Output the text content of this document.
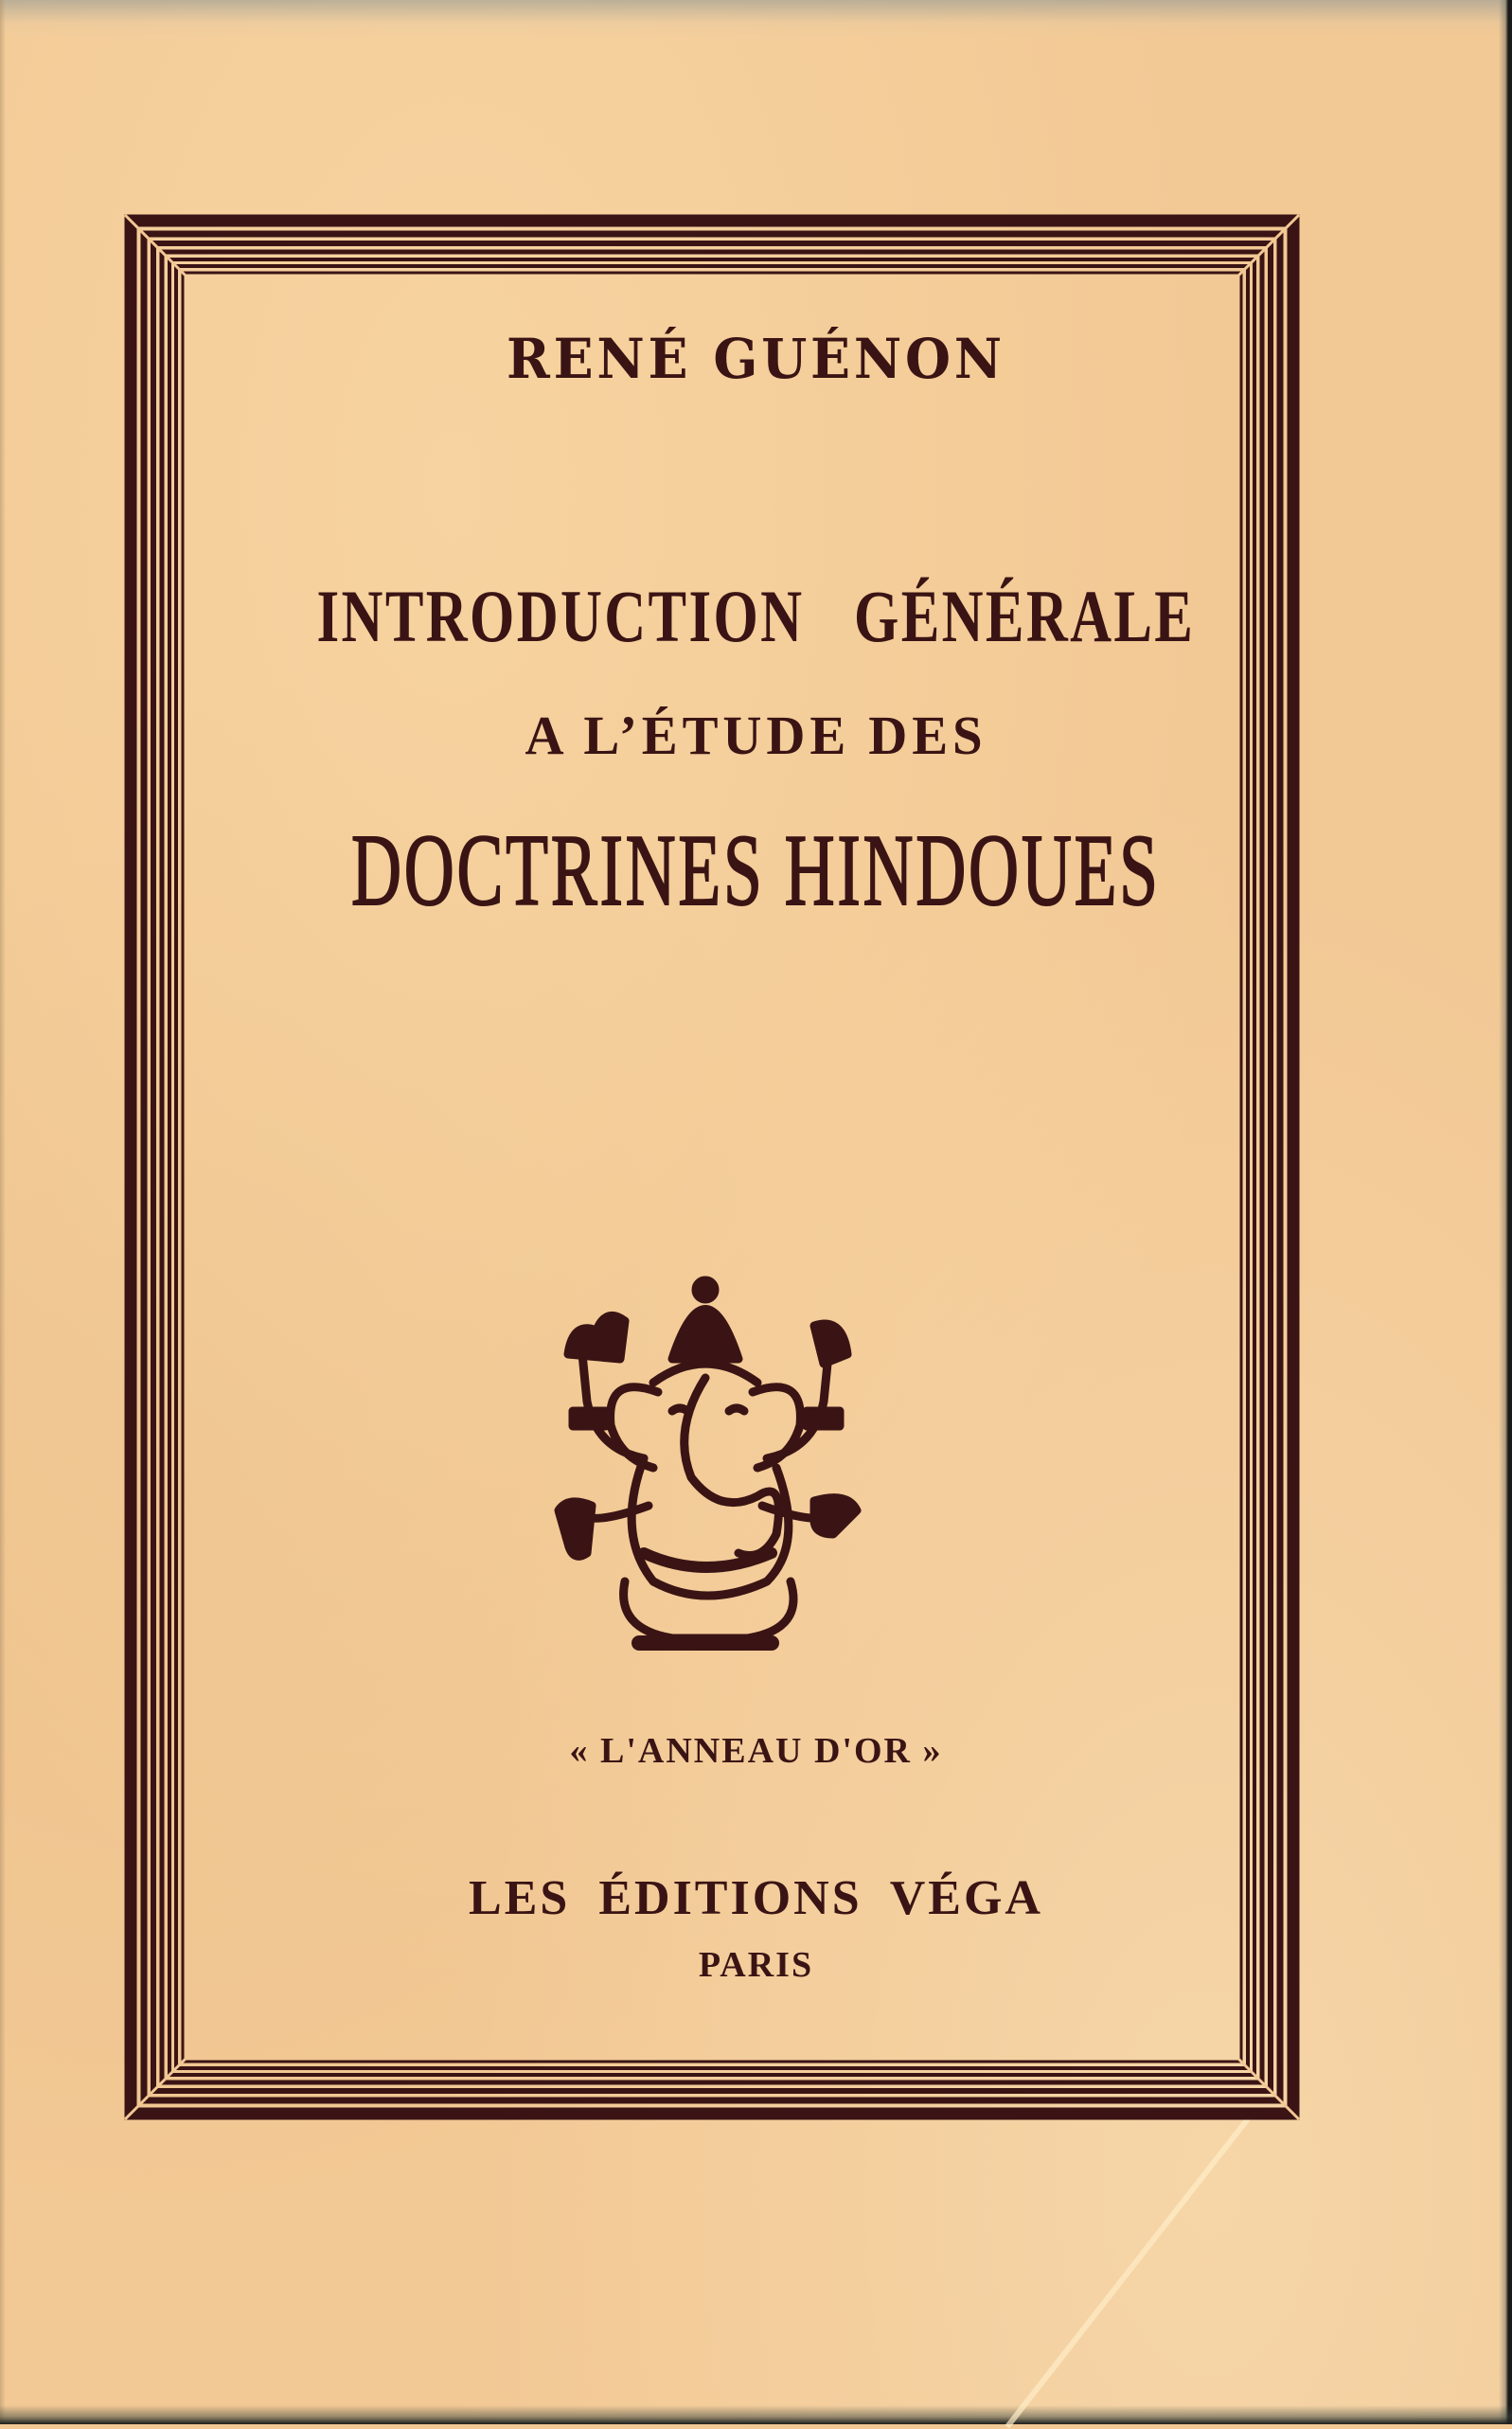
RENÉ GUÉNON
INTRODUCTION   GÉNÉRALE
A L’ÉTUDE DES
DOCTRINES HINDOUES
« L'ANNEAU D'OR »
LES ÉDITIONS VÉGA
PARIS
